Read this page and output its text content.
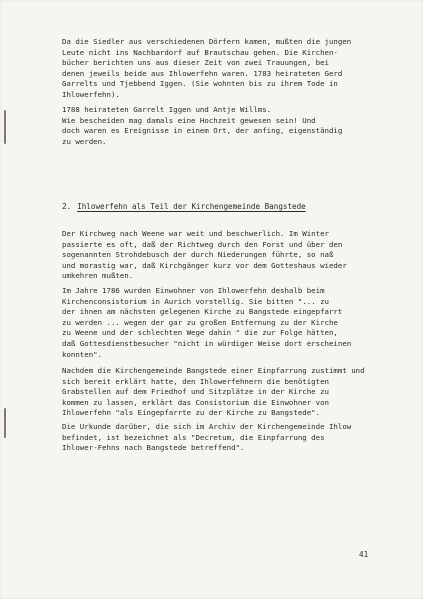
Da die Siedler aus verschiedenen Dörfern kamen, mußten die jungen
Leute nicht ins Nachbardorf auf Brautschau gehen. Die Kirchen-
bücher berichten uns aus dieser Zeit von zwei Trauungen, bei
denen jeweils beide aus Ihlowerfehn waren. 1783 heirateten Gerd
Garrelts und Tjebbend Iggen. (Sie wohnten bis zu ihrem Tode in
Ihlowerfehn).

1788 heirateten Garrelt Iggen und Antje Willms.
Wie bescheiden mag damals eine Hochzeit gewesen sein! Und
doch waren es Ereignisse in einem Ort, der anfing, eigenständig
zu werden.

2. Ihlowerfehn als Teil der Kirchengemeinde Bangstede

Der Kirchweg nach Weene war weit und beschwerlich. Im Winter
passierte es oft, daß der Richtweg durch den Forst und über den
sogenannten Strohdebusch der durch Niederungen führte, so naß
und morastig war, daß Kirchgänger kurz vor dem Gotteshaus wieder
umkehren mußten.

Im Jahre 1786 wurden Einwohner von Ihlowerfehn deshalb beim
Kirchenconsistorium in Aurich vorstellig. Sie bitten "... zu
der ihnen am nächsten gelegenen Kirche zu Bangstede eingepfarrt
zu werden ... wegen der gar zu großen Entfernung zu der Kirche
zu Weene und der schlechten Wege dahin " die zur Folge hätten,
daß Gottesdienstbesucher "nicht in würdiger Weise dort erscheinen
konnten".

Nachdem die Kirchengemeinde Bangstede einer Einpfarrung zustimmt und
sich bereit erklärt hatte, den Ihlowerfehnern die benötigten
Grabstellen auf dem Friedhof und Sitzplätze in der Kirche zu
kommen zu lassen, erklärt das Consistorium die Einwohner von
Ihlowerfehn "als Eingepfarrte zu der Kirche zu Bangstede".

Die Urkunde darüber, die sich im Archiv der Kirchengemeinde Ihlow
befindet, ist bezeichnet als "Decretum, die Einpfarrung des
Ihlower-Fehns nach Bangstede betreffend".

41
